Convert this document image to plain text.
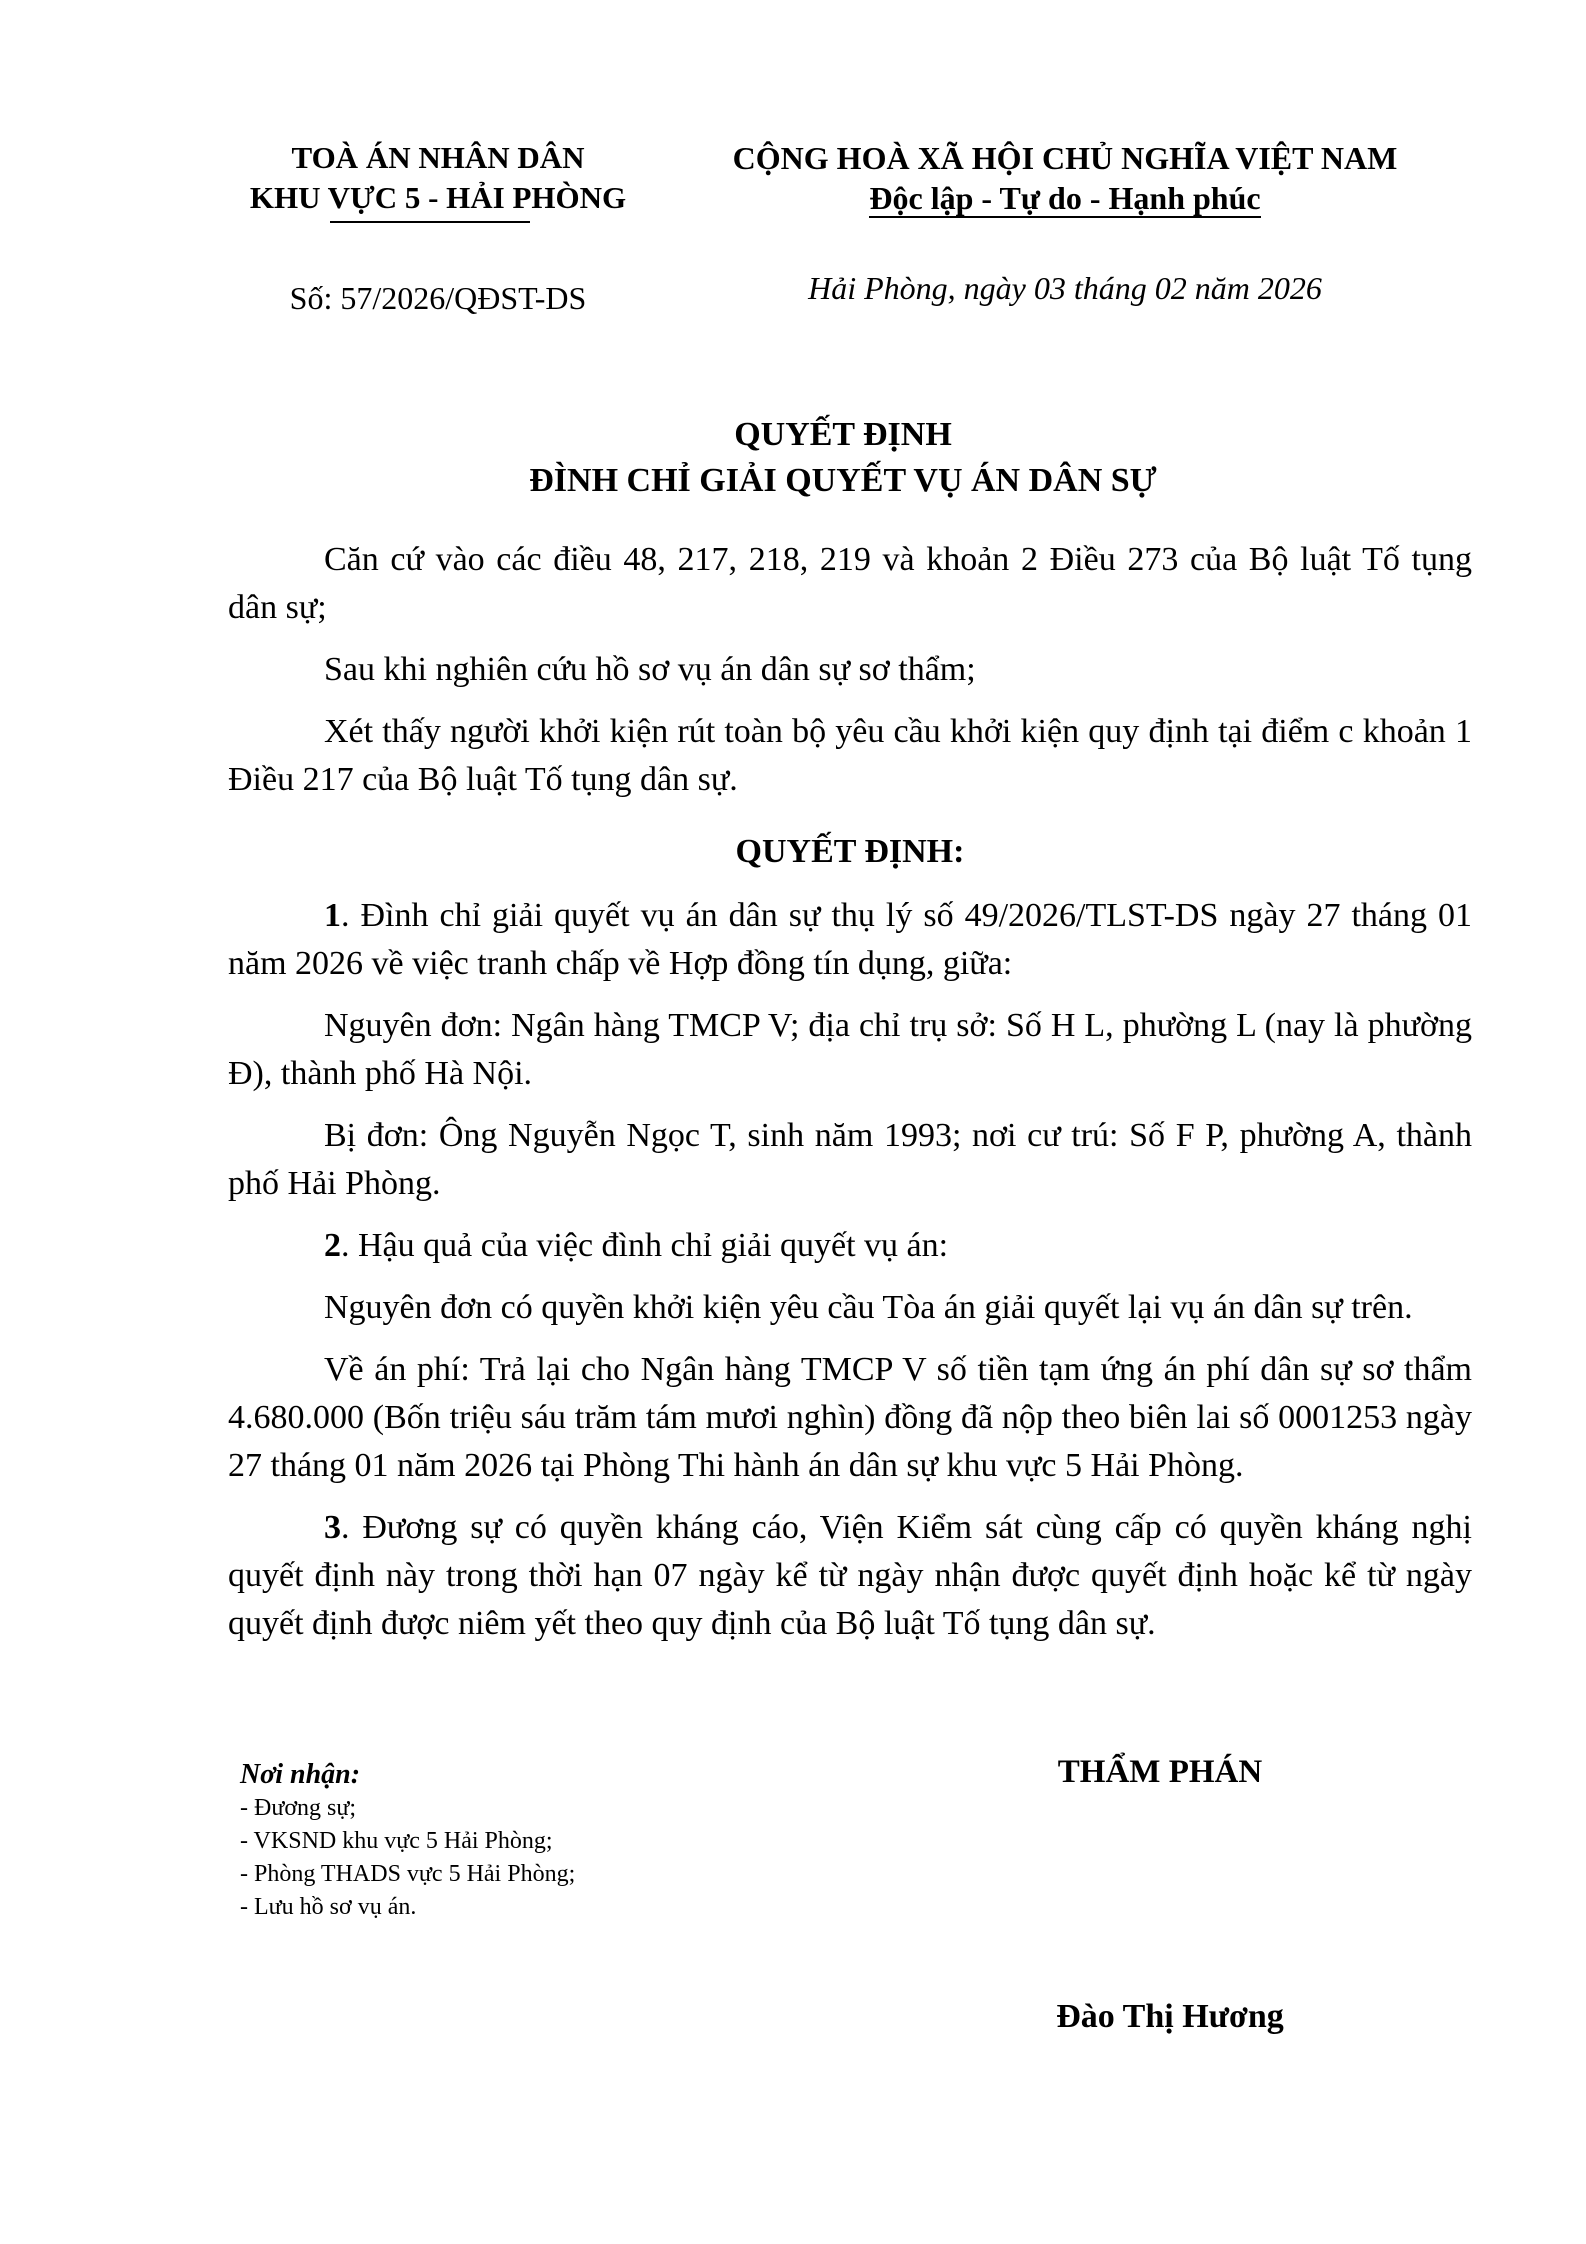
TOÀ ÁN NHÂN DÂN
KHU VỰC 5 - HẢI PHÒNG
CỘNG HOÀ XÃ HỘI CHỦ NGHĨA VIỆT NAM
Độc lập - Tự do - Hạnh phúc
Số: 57/2026/QĐST-DS	Hải Phòng, ngày 03 tháng 02 năm 2026
QUYẾT ĐỊNH
ĐÌNH CHỈ GIẢI QUYẾT VỤ ÁN DÂN SỰ

Căn cứ vào các điều 48, 217, 218, 219 và khoản 2 Điều 273 của Bộ luật Tố tụng dân sự;

Sau khi nghiên cứu hồ sơ vụ án dân sự sơ thẩm;

Xét thấy người khởi kiện rút toàn bộ yêu cầu khởi kiện quy định tại điểm c khoản 1 Điều 217 của Bộ luật Tố tụng dân sự.

QUYẾT ĐỊNH:

1. Đình chỉ giải quyết vụ án dân sự thụ lý số 49/2026/TLST-DS ngày 27 tháng 01 năm 2026 về việc tranh chấp về Hợp đồng tín dụng, giữa:

Nguyên đơn: Ngân hàng TMCP V; địa chỉ trụ sở: Số H L, phường L (nay là phường Đ), thành phố Hà Nội.

Bị đơn: Ông Nguyễn Ngọc T, sinh năm 1993; nơi cư trú: Số F P, phường A, thành phố Hải Phòng.

2. Hậu quả của việc đình chỉ giải quyết vụ án:

Nguyên đơn có quyền khởi kiện yêu cầu Tòa án giải quyết lại vụ án dân sự trên.

Về án phí: Trả lại cho Ngân hàng TMCP V số tiền tạm ứng án phí dân sự sơ thẩm 4.680.000 (Bốn triệu sáu trăm tám mươi nghìn) đồng đã nộp theo biên lai số 0001253 ngày 27 tháng 01 năm 2026 tại Phòng Thi hành án dân sự khu vực 5 Hải Phòng.

3. Đương sự có quyền kháng cáo, Viện Kiểm sát cùng cấp có quyền kháng nghị quyết định này trong thời hạn 07 ngày kể từ ngày nhận được quyết định hoặc kể từ ngày quyết định được niêm yết theo quy định của Bộ luật Tố tụng dân sự.

Nơi nhận:
- Đương sự;
- VKSND khu vực 5 Hải Phòng;
- Phòng THADS vực 5 Hải Phòng;
- Lưu hồ sơ vụ án.
THẨM PHÁN
Đào Thị Hương
